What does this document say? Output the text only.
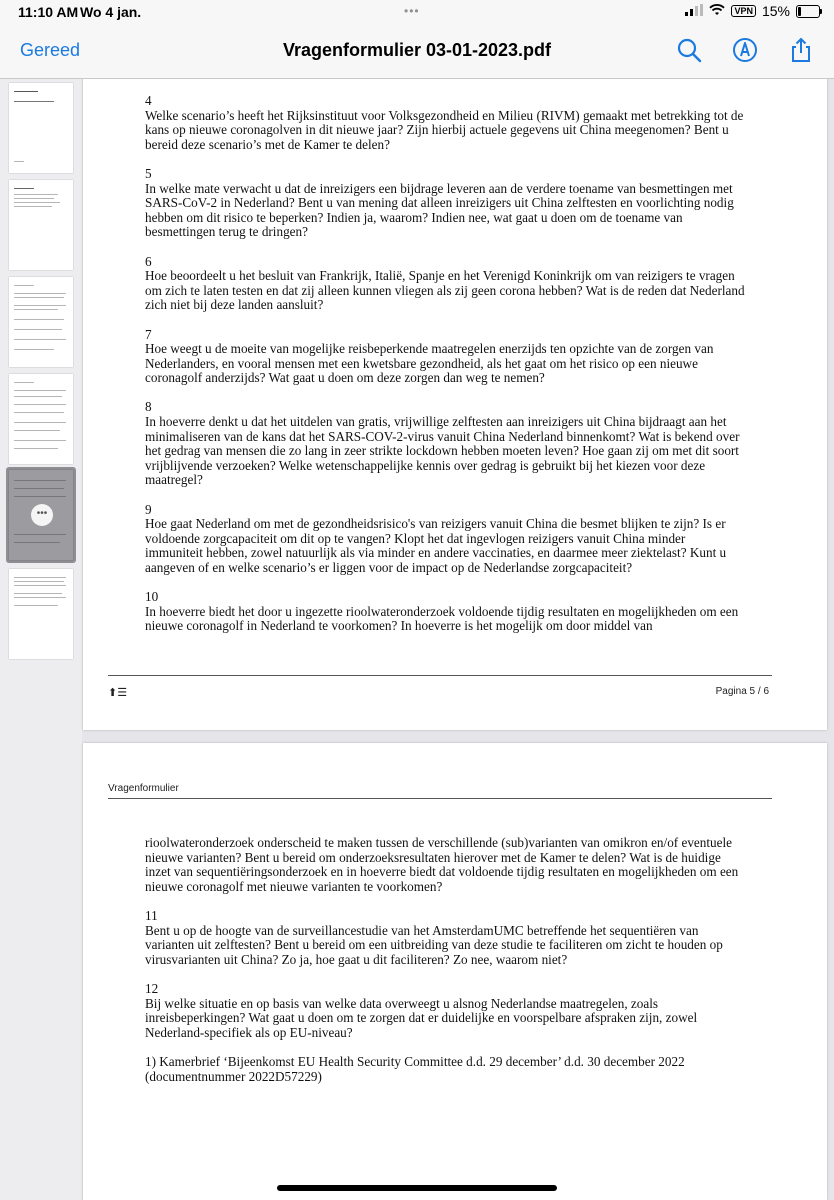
11:10 AM Wo 4 jan.	•••	VPN 15%
Gereed	Vragenformulier 03-01-2023.pdf
•••
4
Welke scenario’s heeft het Rijksinstituut voor Volksgezondheid en Milieu (RIVM) gemaakt met betrekking tot de kans op nieuwe coronagolven in dit nieuwe jaar? Zijn hierbij actuele gegevens uit China meegenomen? Bent u bereid deze scenario’s met de Kamer te delen?
5
In welke mate verwacht u dat de inreizigers een bijdrage leveren aan de verdere toename van besmettingen met SARS-CoV-2 in Nederland? Bent u van mening dat alleen inreizigers uit China zelftesten en voorlichting nodig hebben om dit risico te beperken? Indien ja, waarom? Indien nee, wat gaat u doen om de toename van besmettingen terug te dringen?
6
Hoe beoordeelt u het besluit van Frankrijk, Italië, Spanje en het Verenigd Koninkrijk om van reizigers te vragen om zich te laten testen en dat zij alleen kunnen vliegen als zij geen corona hebben? Wat is de reden dat Nederland zich niet bij deze landen aansluit?
7
Hoe weegt u de moeite van mogelijke reisbeperkende maatregelen enerzijds ten opzichte van de zorgen van Nederlanders, en vooral mensen met een kwetsbare gezondheid, als het gaat om het risico op een nieuwe coronagolf anderzijds? Wat gaat u doen om deze zorgen dan weg te nemen?
8
In hoeverre denkt u dat het uitdelen van gratis, vrijwillige zelftesten aan inreizigers uit China bijdraagt aan het minimaliseren van de kans dat het SARS-COV-2-virus vanuit China Nederland binnenkomt? Wat is bekend over het gedrag van mensen die zo lang in zeer strikte lockdown hebben moeten leven? Hoe gaan zij om met dit soort vrijblijvende verzoeken? Welke wetenschappelijke kennis over gedrag is gebruikt bij het kiezen voor deze maatregel?
9
Hoe gaat Nederland om met de gezondheidsrisico's van reizigers vanuit China die besmet blijken te zijn? Is er voldoende zorgcapaciteit om dit op te vangen? Klopt het dat ingevlogen reizigers vanuit China minder immuniteit hebben, zowel natuurlijk als via minder en andere vaccinaties, en daarmee meer ziektelast? Kunt u aangeven of en welke scenario’s er liggen voor de impact op de Nederlandse zorgcapaciteit?
10
In hoeverre biedt het door u ingezette rioolwateronderzoek voldoende tijdig resultaten en mogelijkheden om een nieuwe coronagolf in Nederland te voorkomen? In hoeverre is het mogelijk om door middel van
⬆☰	Pagina 5 / 6
Vragenformulier
rioolwateronderzoek onderscheid te maken tussen de verschillende (sub)varianten van omikron en/of eventuele nieuwe varianten? Bent u bereid om onderzoeksresultaten hierover met de Kamer te delen? Wat is de huidige inzet van sequentiëringsonderzoek en in hoeverre biedt dat voldoende tijdig resultaten en mogelijkheden om een nieuwe coronagolf met nieuwe varianten te voorkomen?
11
Bent u op de hoogte van de surveillancestudie van het AmsterdamUMC betreffende het sequentiëren van varianten uit zelftesten? Bent u bereid om een uitbreiding van deze studie te faciliteren om zicht te houden op virusvarianten uit China? Zo ja, hoe gaat u dit faciliteren? Zo nee, waarom niet?
12
Bij welke situatie en op basis van welke data overweegt u alsnog Nederlandse maatregelen, zoals inreisbeperkingen? Wat gaat u doen om te zorgen dat er duidelijke en voorspelbare afspraken zijn, zowel Nederland-specifiek als op EU-niveau?
1) Kamerbrief ‘Bijeenkomst EU Health Security Committee d.d. 29 december’ d.d. 30 december 2022 (documentnummer 2022D57229)
